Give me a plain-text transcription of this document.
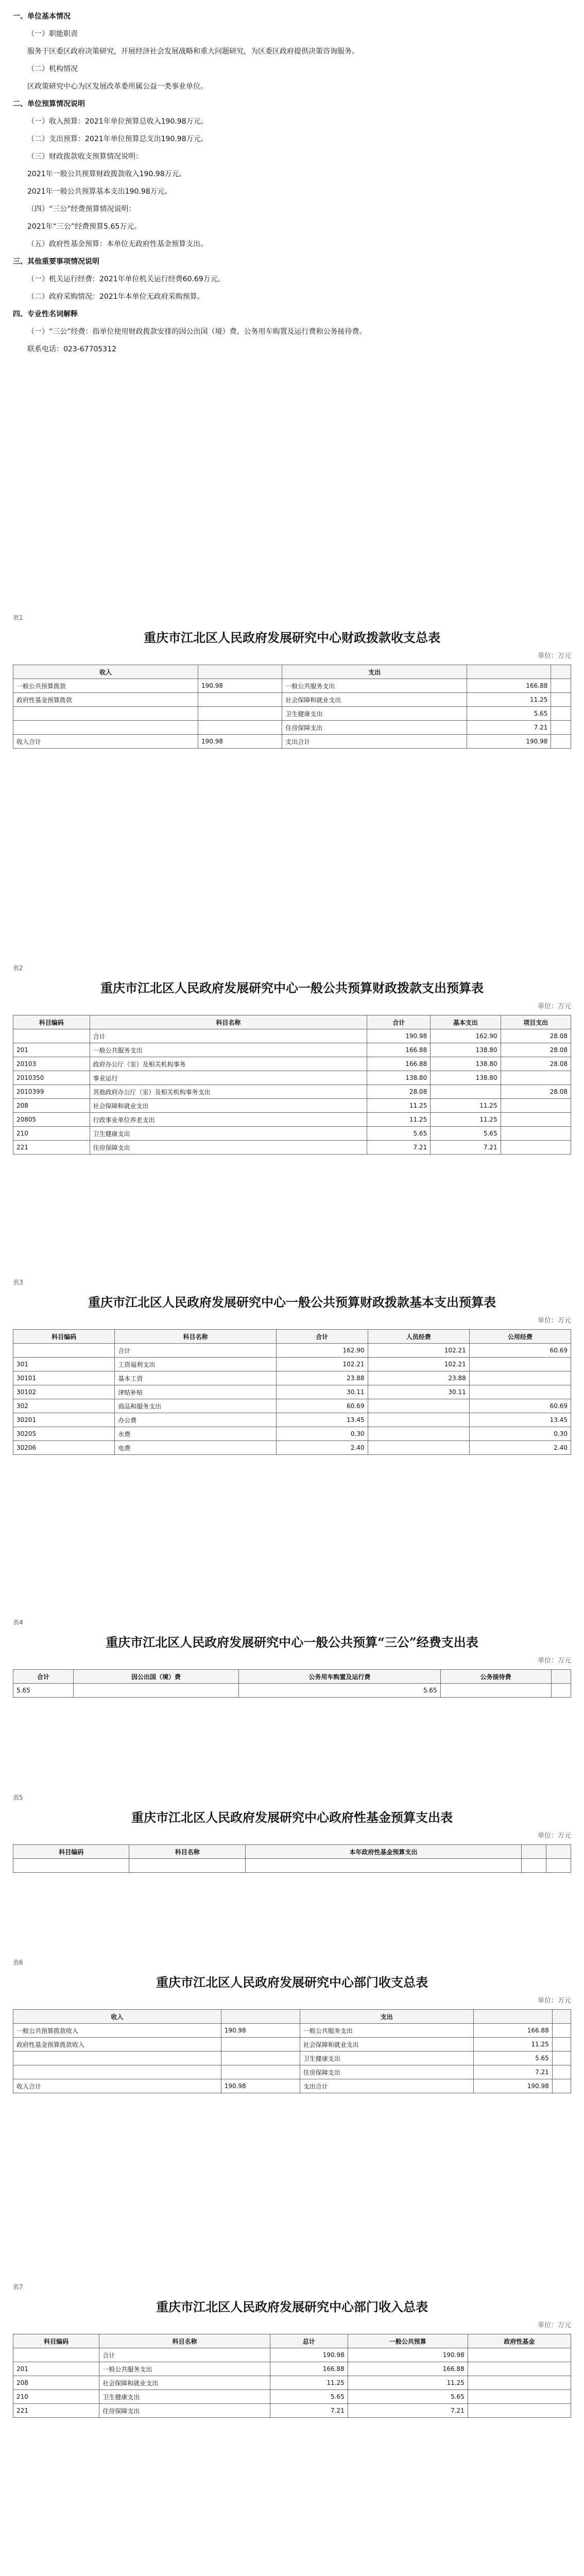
一、单位基本情况

（一）职能职责

服务于区委区政府决策研究，开展经济社会发展战略和重大问题研究，为区委区政府提供决策咨询服务。

（二）机构情况

区政策研究中心为区发展改革委所属公益一类事业单位。

二、单位预算情况说明

（一）收入预算：2021年单位预算总收入190.98万元。

（二）支出预算：2021年单位预算总支出190.98万元。

（三）财政拨款收支预算情况说明：

2021年一般公共预算财政拨款收入190.98万元。

2021年一般公共预算基本支出190.98万元。

（四）“三公”经费预算情况说明：

2021年“三公”经费预算5.65万元。

（五）政府性基金预算：本单位无政府性基金预算支出。

三、其他重要事项情况说明

（一）机关运行经费：2021年单位机关运行经费60.69万元。

（二）政府采购情况：2021年本单位无政府采购预算。

四、专业性名词解释

（一）“三公”经费：指单位使用财政拨款安排的因公出国（境）费、公务用车购置及运行费和公务接待费。

联系电话：023-67705312

表1
重庆市江北区人民政府发展研究中心财政拨款收支总表
单位：万元
收入		支出		
一般公共预算拨款	190.98	一般公共服务支出	166.88	
政府性基金预算拨款		社会保障和就业支出	11.25	
		卫生健康支出	5.65	
		住房保障支出	7.21	
收入合计	190.98	支出合计	190.98	
表2
重庆市江北区人民政府发展研究中心一般公共预算财政拨款支出预算表
单位：万元
科目编码	科目名称	合计	基本支出	项目支出
	合计	190.98	162.90	28.08
201	一般公共服务支出	166.88	138.80	28.08
20103	政府办公厅（室）及相关机构事务	166.88	138.80	28.08
2010350	事业运行	138.80	138.80	
2010399	其他政府办公厅（室）及相关机构事务支出	28.08		28.08
208	社会保障和就业支出	11.25	11.25	
20805	行政事业单位养老支出	11.25	11.25	
210	卫生健康支出	5.65	5.65	
221	住房保障支出	7.21	7.21	
表3
重庆市江北区人民政府发展研究中心一般公共预算财政拨款基本支出预算表
单位：万元
科目编码	科目名称	合计	人员经费	公用经费
	合计	162.90	102.21	60.69
301	工资福利支出	102.21	102.21	
30101	基本工资	23.88	23.88	
30102	津贴补贴	30.11	30.11	
302	商品和服务支出	60.69		60.69
30201	办公费	13.45		13.45
30205	水费	0.30		0.30
30206	电费	2.40		2.40
表4
重庆市江北区人民政府发展研究中心一般公共预算“三公”经费支出表
单位：万元
合计	因公出国（境）费	公务用车购置及运行费	公务接待费	
5.65		5.65		
表5
重庆市江北区人民政府发展研究中心政府性基金预算支出表
单位：万元
科目编码	科目名称	本年政府性基金预算支出		

表6
重庆市江北区人民政府发展研究中心部门收支总表
单位：万元
收入		支出		
一般公共预算拨款收入	190.98	一般公共服务支出	166.88	
政府性基金预算拨款收入		社会保障和就业支出	11.25	
		卫生健康支出	5.65	
		住房保障支出	7.21	
收入合计	190.98	支出合计	190.98	
表7
重庆市江北区人民政府发展研究中心部门收入总表
单位：万元
科目编码	科目名称	总计	一般公共预算	政府性基金
	合计	190.98	190.98	
201	一般公共服务支出	166.88	166.88	
208	社会保障和就业支出	11.25	11.25	
210	卫生健康支出	5.65	5.65	
221	住房保障支出	7.21	7.21	
